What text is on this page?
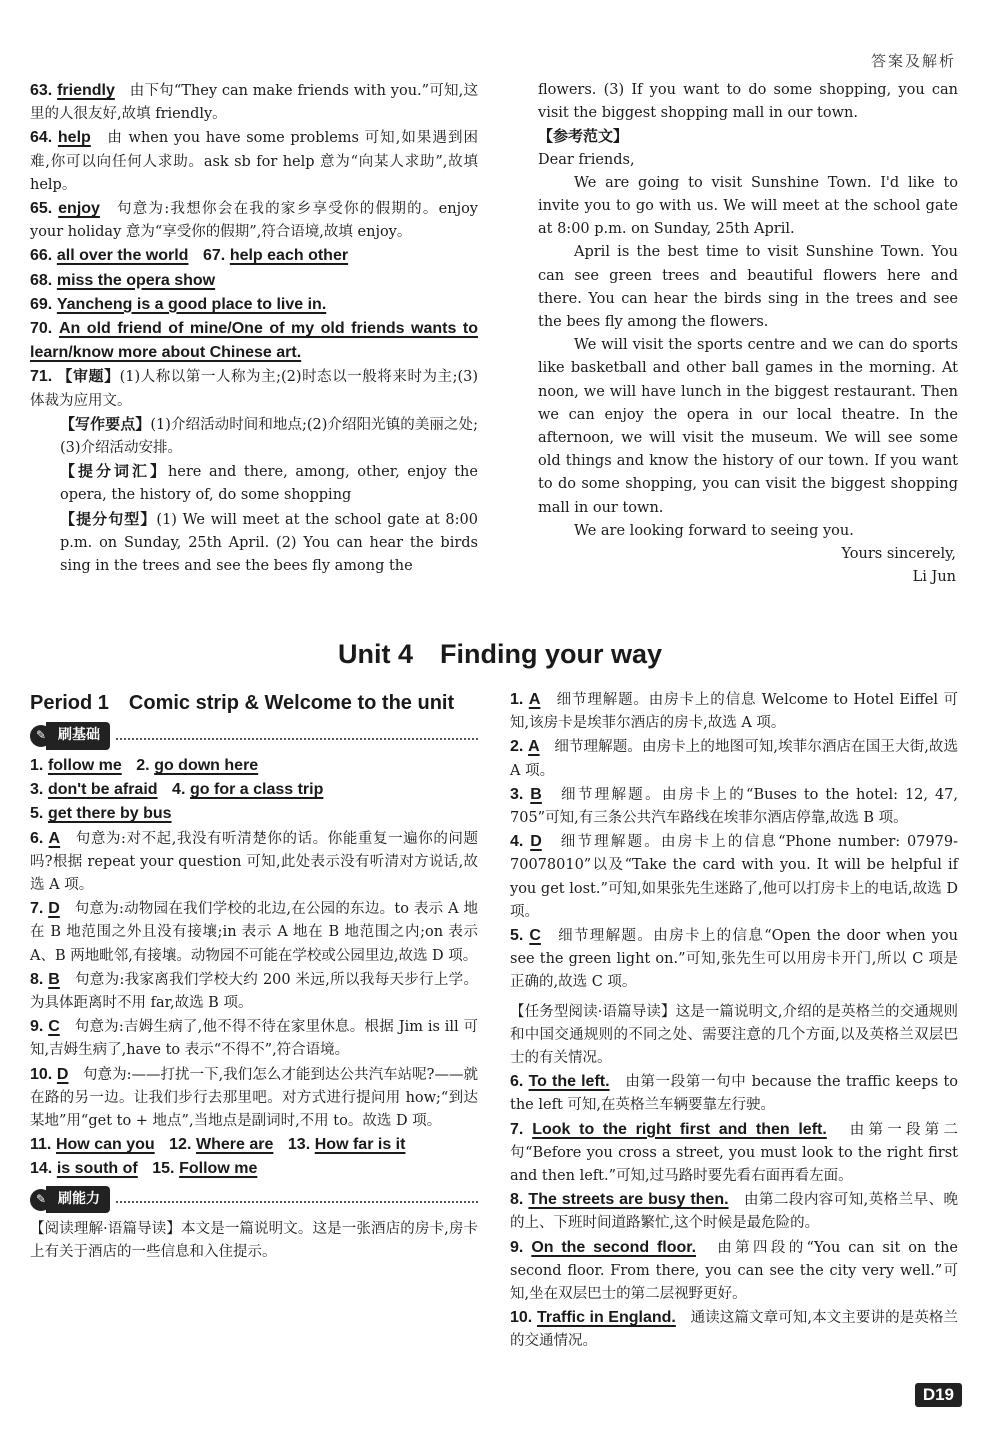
答案及解析

63. friendly　 由下句“They can make friends with you.”可知,这里的人很友好,故填 friendly。

64. help　 由 when you have some problems 可知,如果遇到困难,你可以向任何人求助。ask sb for help 意为“向某人求助”,故填 help。

65. enjoy　 句意为:我想你会在我的家乡享受你的假期的。enjoy your holiday 意为“享受你的假期”,符合语境,故填 enjoy。

66. all over the world　 67. help each other

68. miss the opera show

69. Yancheng is a good place to live in.

70. An old friend of mine/One of my old friends wants to learn/know more about Chinese art.

71. 【审题】(1)人称以第一人称为主;(2)时态以一般将来时为主;(3)体裁为应用文。

【写作要点】(1)介绍活动时间和地点;(2)介绍阳光镇的美丽之处;(3)介绍活动安排。

【提分词汇】here and there, among, other, enjoy the opera, the history of, do some shopping

【提分句型】(1) We will meet at the school gate at 8:00 p.m. on Sunday, 25th April. (2) You can hear the birds sing in the trees and see the bees fly among the

flowers. (3) If you want to do some shopping, you can visit the biggest shopping mall in our town.

【参考范文】

Dear friends,

We are going to visit Sunshine Town. I'd like to invite you to go with us. We will meet at the school gate at 8:00 p.m. on Sunday, 25th April.

April is the best time to visit Sunshine Town. You can see green trees and beautiful flowers here and there. You can hear the birds sing in the trees and see the bees fly among the flowers.

We will visit the sports centre and we can do sports like basketball and other ball games in the morning. At noon, we will have lunch in the biggest restaurant. Then we can enjoy the opera in our local theatre. In the afternoon, we will visit the museum. We will see some old things and know the history of our town. If you want to do some shopping, you can visit the biggest shopping mall in our town.

We are looking forward to seeing you.

Yours sincerely,

Li Jun

Unit 4　Finding your way

Period 1　Comic strip & Welcome to the unit

✎ 刷基础

1. follow me　 2. go down here

3. don't be afraid　 4. go for a class trip

5. get there by bus

6. A　 句意为:对不起,我没有听清楚你的话。你能重复一遍你的问题吗?根据 repeat your question 可知,此处表示没有听清对方说话,故选 A 项。

7. D　 句意为:动物园在我们学校的北边,在公园的东边。to 表示 A 地在 B 地范围之外且没有接壤;in 表示 A 地在 B 地范围之内;on 表示 A、B 两地毗邻,有接壤。动物园不可能在学校或公园里边,故选 D 项。

8. B　 句意为:我家离我们学校大约 200 米远,所以我每天步行上学。为具体距离时不用 far,故选 B 项。

9. C　 句意为:吉姆生病了,他不得不待在家里休息。根据 Jim is ill 可知,吉姆生病了,have to 表示“不得不”,符合语境。

10. D　 句意为:——打扰一下,我们怎么才能到达公共汽车站呢?——就在路的另一边。让我们步行去那里吧。对方式进行提问用 how;“到达某地”用“get to + 地点”,当地点是副词时,不用 to。故选 D 项。

11. How can you　 12. Where are　 13. How far is it

14. is south of　 15. Follow me

✎ 刷能力

【阅读理解·语篇导读】本文是一篇说明文。这是一张酒店的房卡,房卡上有关于酒店的一些信息和入住提示。

1. A　 细节理解题。由房卡上的信息 Welcome to Hotel Eiffel 可知,该房卡是埃菲尔酒店的房卡,故选 A 项。

2. A　 细节理解题。由房卡上的地图可知,埃菲尔酒店在国王大街,故选 A 项。

3. B　 细节理解题。由房卡上的“Buses to the hotel: 12, 47, 705”可知,有三条公共汽车路线在埃菲尔酒店停靠,故选 B 项。

4. D　 细节理解题。由房卡上的信息“Phone number: 07979-70078010”以及“Take the card with you. It will be helpful if you get lost.”可知,如果张先生迷路了,他可以打房卡上的电话,故选 D 项。

5. C　 细节理解题。由房卡上的信息“Open the door when you see the green light on.”可知,张先生可以用房卡开门,所以 C 项是正确的,故选 C 项。

【任务型阅读·语篇导读】这是一篇说明文,介绍的是英格兰的交通规则和中国交通规则的不同之处、需要注意的几个方面,以及英格兰双层巴士的有关情况。

6. To the left.　 由第一段第一句中 because the traffic keeps to the left 可知,在英格兰车辆要靠左行驶。

7. Look to the right first and then left.　 由第一段第二句“Before you cross a street, you must look to the right first and then left.”可知,过马路时要先看右面再看左面。

8. The streets are busy then.　 由第二段内容可知,英格兰早、晚的上、下班时间道路繁忙,这个时候是最危险的。

9. On the second floor.　 由第四段的“You can sit on the second floor. From there, you can see the city very well.”可知,坐在双层巴士的第二层视野更好。

10. Traffic in England.　 通读这篇文章可知,本文主要讲的是英格兰的交通情况。

D19
